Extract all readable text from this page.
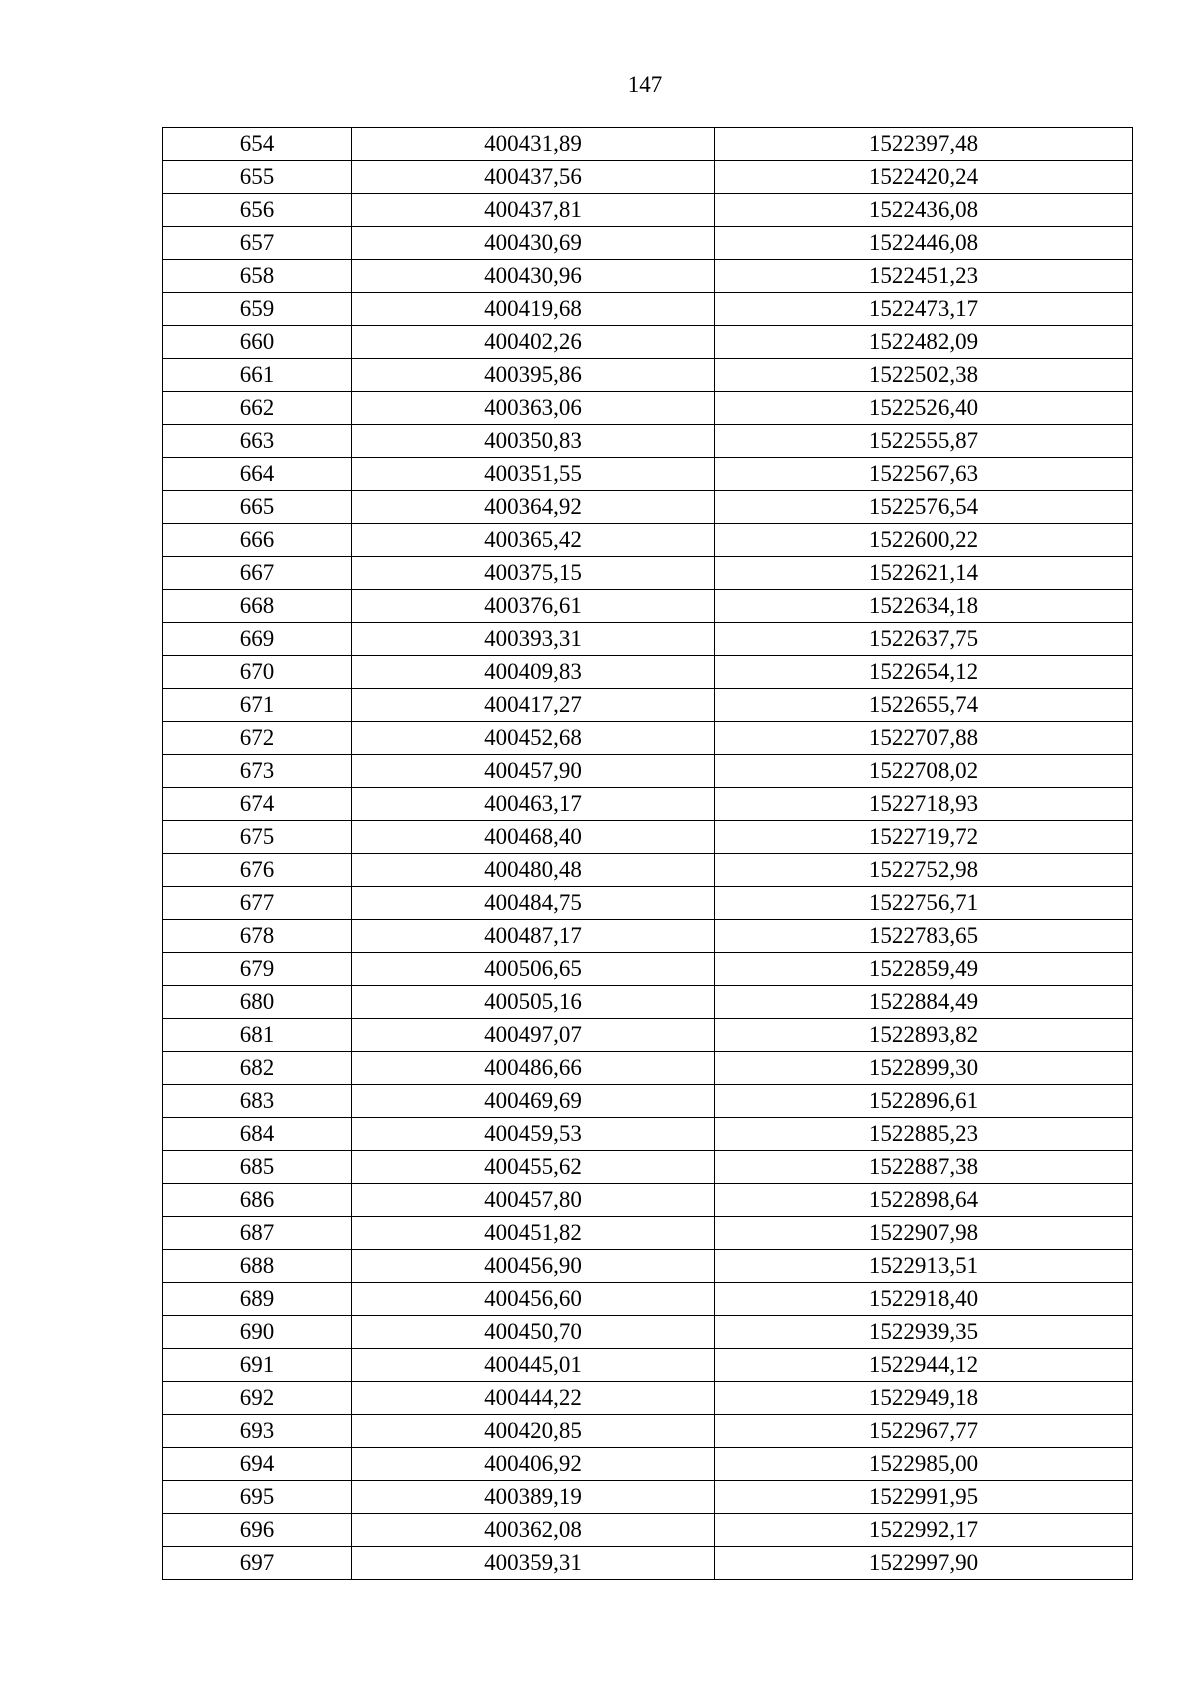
147
654	400431,89	1522397,48
655	400437,56	1522420,24
656	400437,81	1522436,08
657	400430,69	1522446,08
658	400430,96	1522451,23
659	400419,68	1522473,17
660	400402,26	1522482,09
661	400395,86	1522502,38
662	400363,06	1522526,40
663	400350,83	1522555,87
664	400351,55	1522567,63
665	400364,92	1522576,54
666	400365,42	1522600,22
667	400375,15	1522621,14
668	400376,61	1522634,18
669	400393,31	1522637,75
670	400409,83	1522654,12
671	400417,27	1522655,74
672	400452,68	1522707,88
673	400457,90	1522708,02
674	400463,17	1522718,93
675	400468,40	1522719,72
676	400480,48	1522752,98
677	400484,75	1522756,71
678	400487,17	1522783,65
679	400506,65	1522859,49
680	400505,16	1522884,49
681	400497,07	1522893,82
682	400486,66	1522899,30
683	400469,69	1522896,61
684	400459,53	1522885,23
685	400455,62	1522887,38
686	400457,80	1522898,64
687	400451,82	1522907,98
688	400456,90	1522913,51
689	400456,60	1522918,40
690	400450,70	1522939,35
691	400445,01	1522944,12
692	400444,22	1522949,18
693	400420,85	1522967,77
694	400406,92	1522985,00
695	400389,19	1522991,95
696	400362,08	1522992,17
697	400359,31	1522997,90
